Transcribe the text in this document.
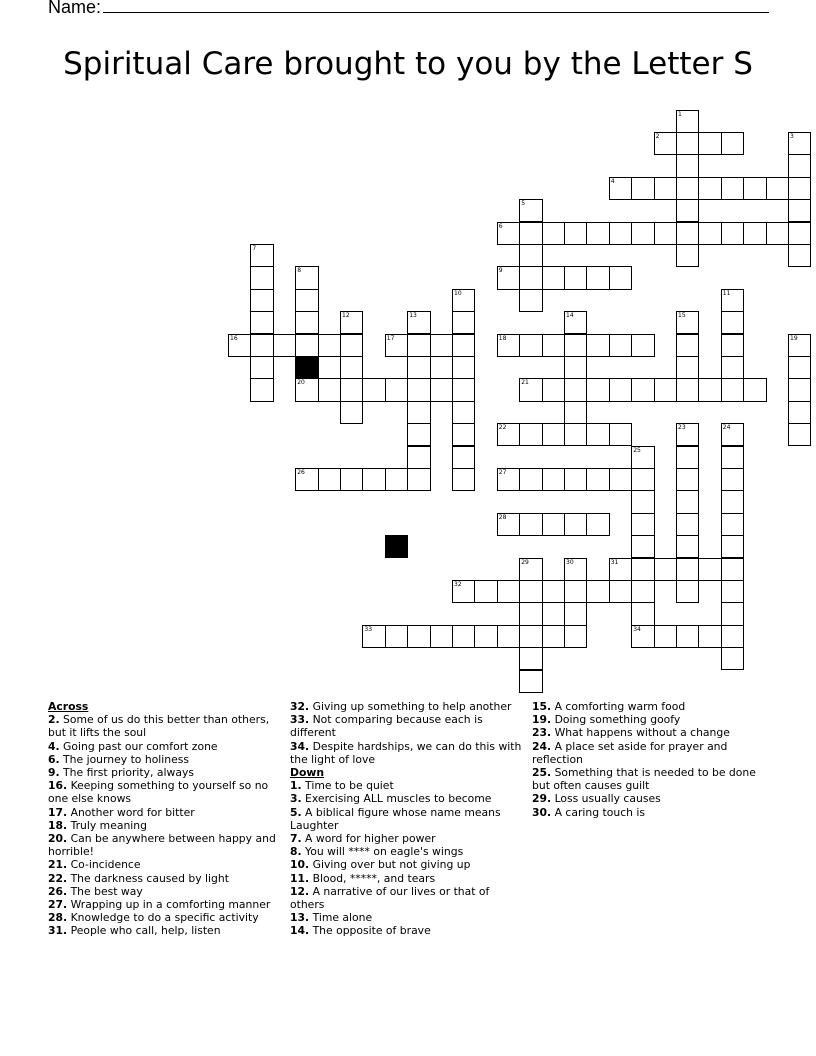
Name:
Spiritual Care brought to you by the Letter S
1
2	3
4
5
6
7
8	9
10	11
12	13	14	15
16	17	18	19
20	21
22	23	24
25
34
26	27
28
29	30	31
32
33
Across
2. Some of us do this better than others, but it lifts the soul
4. Going past our comfort zone
6. The journey to holiness
9. The first priority, always
16. Keeping something to yourself so no one else knows
17. Another word for bitter
18. Truly meaning
20. Can be anywhere between happy and horrible!
21. Co-incidence
22. The darkness caused by light
26. The best way
27. Wrapping up in a comforting manner
28. Knowledge to do a specific activity
31. People who call, help, listen
32. Giving up something to help another
33. Not comparing because each is different
34. Despite hardships, we can do this with the light of love
Down
1. Time to be quiet
3. Exercising ALL muscles to become
5. A biblical figure whose name means Laughter
7. A word for higher power
8. You will **** on eagle's wings
10. Giving over but not giving up
11. Blood, *****, and tears
12. A narrative of our lives or that of others
13. Time alone
14. The opposite of brave
15. A comforting warm food
19. Doing something goofy
23. What happens without a change
24. A place set aside for prayer and reflection
25. Something that is needed to be done but often causes guilt
29. Loss usually causes
30. A caring touch is
